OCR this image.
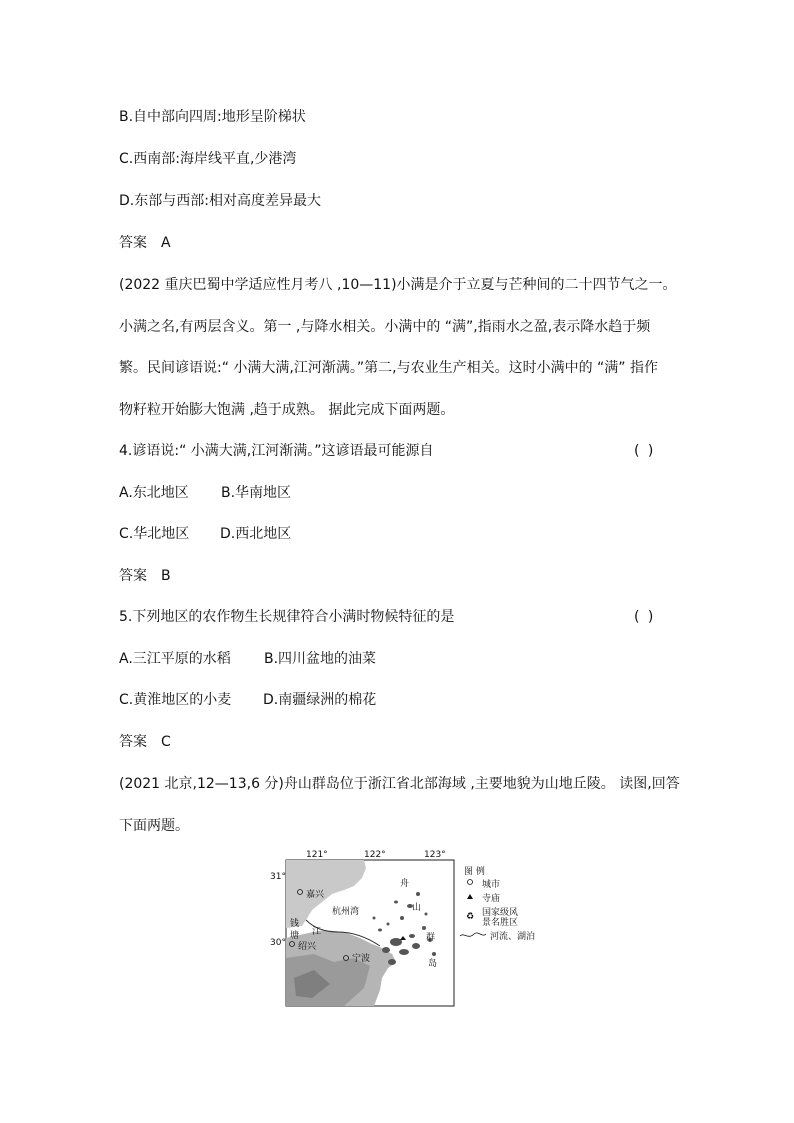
B.自中部向四周:地形呈阶梯状
C.西南部:海岸线平直,少港湾
D.东部与西部:相对高度差异最大
答案 A
(2022 重庆巴蜀中学适应性月考八 ,10—11)小满是介于立夏与芒种间的二十四节气之一。
小满之名,有两层含义。第一 ,与降水相关。小满中的 “满”,指雨水之盈,表示降水趋于频
繁。民间谚语说:“ 小满大满,江河渐满。”第二,与农业生产相关。这时小满中的 “满” 指作
物籽粒开始膨大饱满 ,趋于成熟。 据此完成下面两题。
4.谚语说:“ 小满大满,江河渐满。”这谚语最可能源自	( )
A.东北地区 B.华南地区
C.华北地区 D.西北地区
答案 B
5.下列地区的农作物生长规律符合小满时物候特征的是	( )
A.三江平原的水稻 B.四川盆地的油菜
C.黄淮地区的小麦 D.南疆绿洲的棉花
答案 C
(2021 北京,12—13,6 分)舟山群岛位于浙江省北部海域 ,主要地貌为山地丘陵。 读图,回答
下面两题。
♻
121°	122°	123°
31°
30°
嘉兴
绍兴
宁波
杭州湾
钱
塘 江
舟
山
群
岛
图 例
城市
寺庙
国家级风
景名胜区
河流、湖泊
